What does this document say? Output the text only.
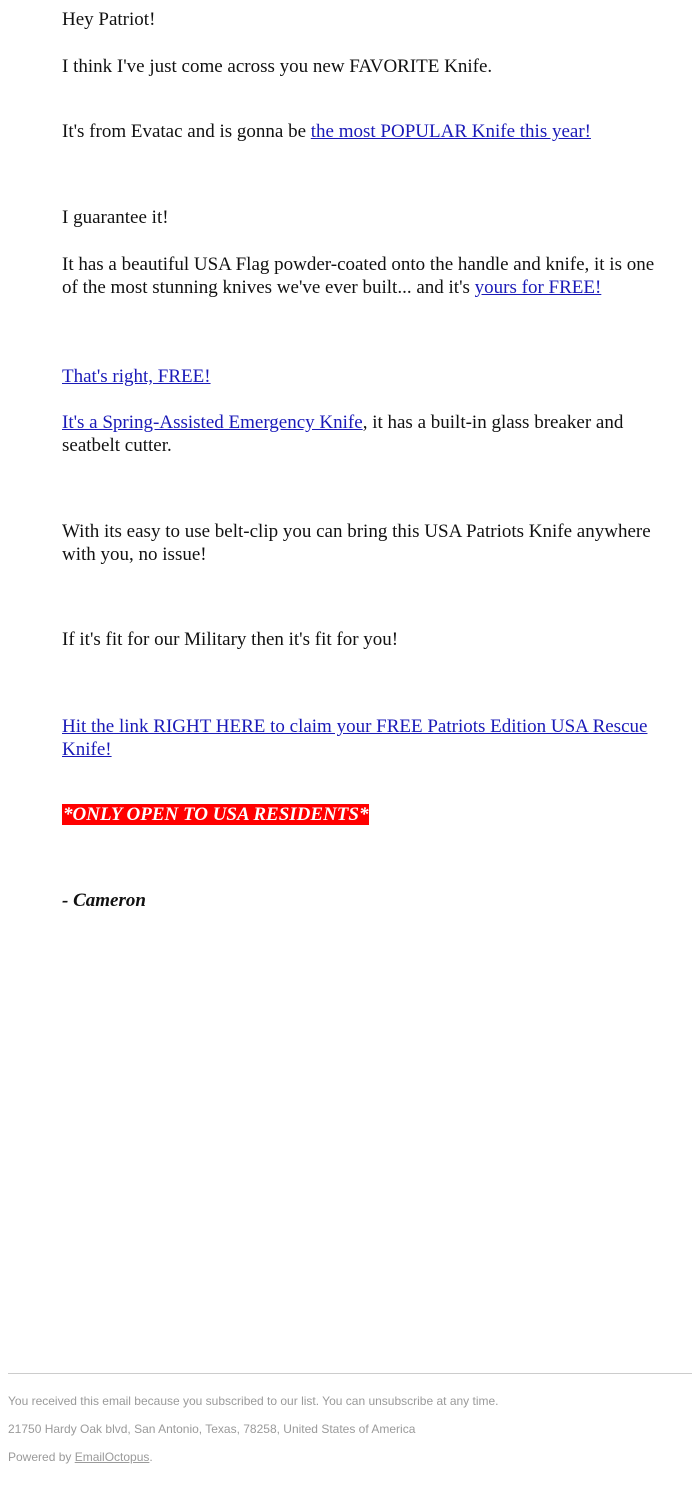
Hey Patriot!

I think I've just come across you new FAVORITE Knife.

It's from Evatac and is gonna be the most POPULAR Knife this year!

I guarantee it!

It has a beautiful USA Flag powder-coated onto the handle and knife, it is one of the most stunning knives we've ever built... and it's yours for FREE!

That's right, FREE!

It's a Spring-Assisted Emergency Knife, it has a built-in glass breaker and seatbelt cutter.

With its easy to use belt-clip you can bring this USA Patriots Knife anywhere with you, no issue!

If it's fit for our Military then it's fit for you!

Hit the link RIGHT HERE to claim your FREE Patriots Edition USA Rescue Knife!

*ONLY OPEN TO USA RESIDENTS*

- Cameron

You received this email because you subscribed to our list. You can unsubscribe at any time.
21750 Hardy Oak blvd, San Antonio, Texas, 78258, United States of America
Powered by EmailOctopus.
